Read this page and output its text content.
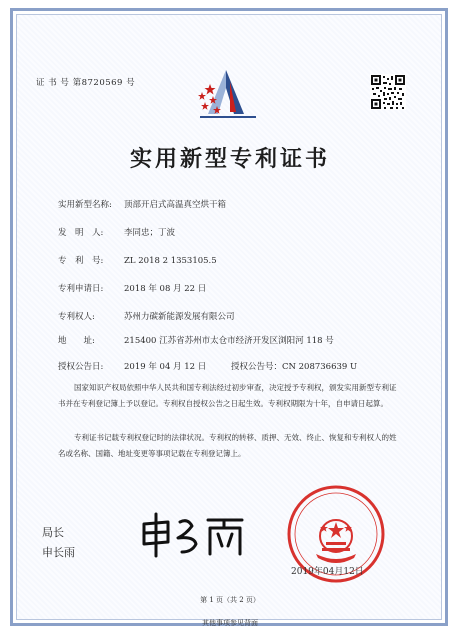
证 书 号 第8720569 号
实用新型专利证书
实用新型名称: 顶部开启式高温真空烘干箱
发　明　人: 李同忠；丁波
专　利　号: ZL 2018 2 1353105.5
专利申请日: 2018 年 08 月 22 日
专利权人:	苏州力碳新能源发展有限公司
地　　址:	215400 江苏省苏州市太仓市经济开发区浏阳河 118 号
授权公告日: 2019 年 04 月 12 日	授权公告号：CN 208736639 U
国家知识产权局依照中华人民共和国专利法经过初步审查，决定授予专利权，颁发实用新型专利证书并在专利登记簿上予以登记。专利权自授权公告之日起生效。专利权期限为十年，自申请日起算。
专利证书记载专利权登记时的法律状况。专利权的转移、质押、无效、终止、恢复和专利权人的姓名或名称、国籍、地址变更等事项记载在专利登记簿上。
局长
申长雨
2019年04月12日
第 1 页（共 2 页）
其他事项参见背面
